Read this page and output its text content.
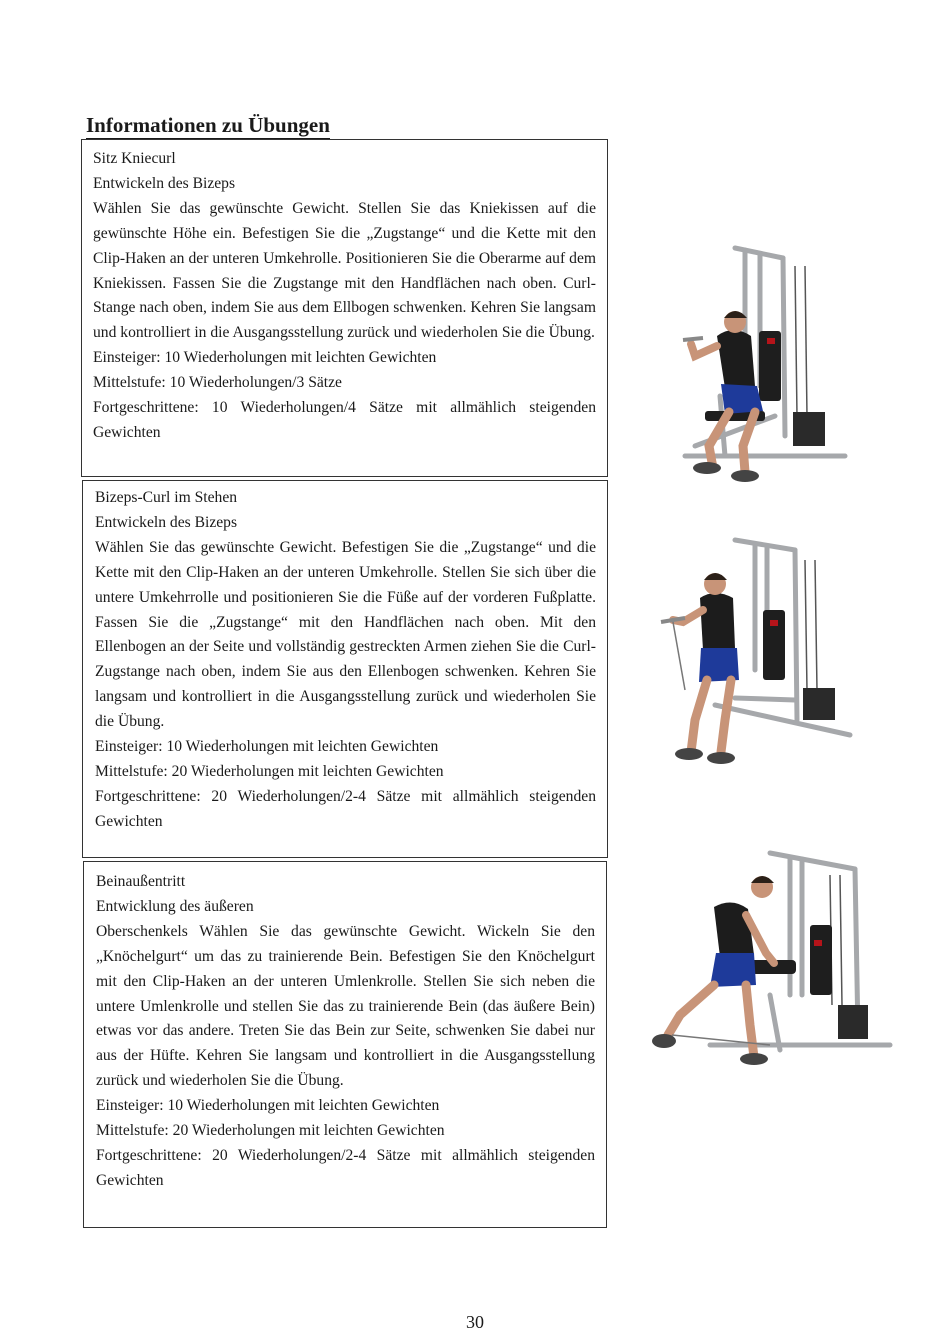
Informationen zu Übungen

Sitz Kniecurl

Entwickeln des Bizeps

Wählen Sie das gewünschte Gewicht. Stellen Sie das Kniekissen auf die gewünschte Höhe ein. Befestigen Sie die „Zugstange“ und die Kette mit den Clip-Haken an der unteren Umkehrolle. Positionieren Sie die Oberarme auf dem Kniekissen. Fassen Sie die Zugstange mit den Handflächen nach oben. Curl-Stange nach oben, indem Sie aus dem Ellbogen schwenken. Kehren Sie langsam und kontrolliert in die Ausgangsstellung zurück und wiederholen Sie die Übung.

Einsteiger: 10 Wiederholungen mit leichten Gewichten

Mittelstufe: 10 Wiederholungen/3 Sätze

Fortgeschrittene: 10 Wiederholungen/4 Sätze mit allmählich steigenden Gewichten

Bizeps-Curl im Stehen

Entwickeln des Bizeps

Wählen Sie das gewünschte Gewicht. Befestigen Sie die „Zugstange“ und die Kette mit den Clip-Haken an der unteren Umkehrolle. Stellen Sie sich über die untere Umkehrrolle und positionieren Sie die Füße auf der vorderen Fußplatte. Fassen Sie die „Zugstange“ mit den Handflächen nach oben. Mit den Ellenbogen an der Seite und vollständig gestreckten Armen ziehen Sie die Curl-Zugstange nach oben, indem Sie aus den Ellenbogen schwenken. Kehren Sie langsam und kontrolliert in die Ausgangsstellung zurück und wiederholen Sie die Übung.

Einsteiger: 10 Wiederholungen mit leichten Gewichten

Mittelstufe: 20 Wiederholungen mit leichten Gewichten

Fortgeschrittene: 20 Wiederholungen/2-4 Sätze mit allmählich steigenden Gewichten

Beinaußentritt

Entwicklung des äußeren

Oberschenkels Wählen Sie das gewünschte Gewicht. Wickeln Sie den „Knöchelgurt“ um das zu trainierende Bein. Befestigen Sie den Knöchelgurt mit den Clip-Haken an der unteren Umlenkrolle. Stellen Sie sich neben die untere Umlenkrolle und stellen Sie das zu trainierende Bein (das äußere Bein) etwas vor das andere. Treten Sie das Bein zur Seite, schwenken Sie dabei nur aus der Hüfte. Kehren Sie langsam und kontrolliert in die Ausgangsstellung zurück und wiederholen Sie die Übung.

Einsteiger: 10 Wiederholungen mit leichten Gewichten

Mittelstufe: 20 Wiederholungen mit leichten Gewichten

Fortgeschrittene: 20 Wiederholungen/2-4 Sätze mit allmählich steigenden Gewichten

30
